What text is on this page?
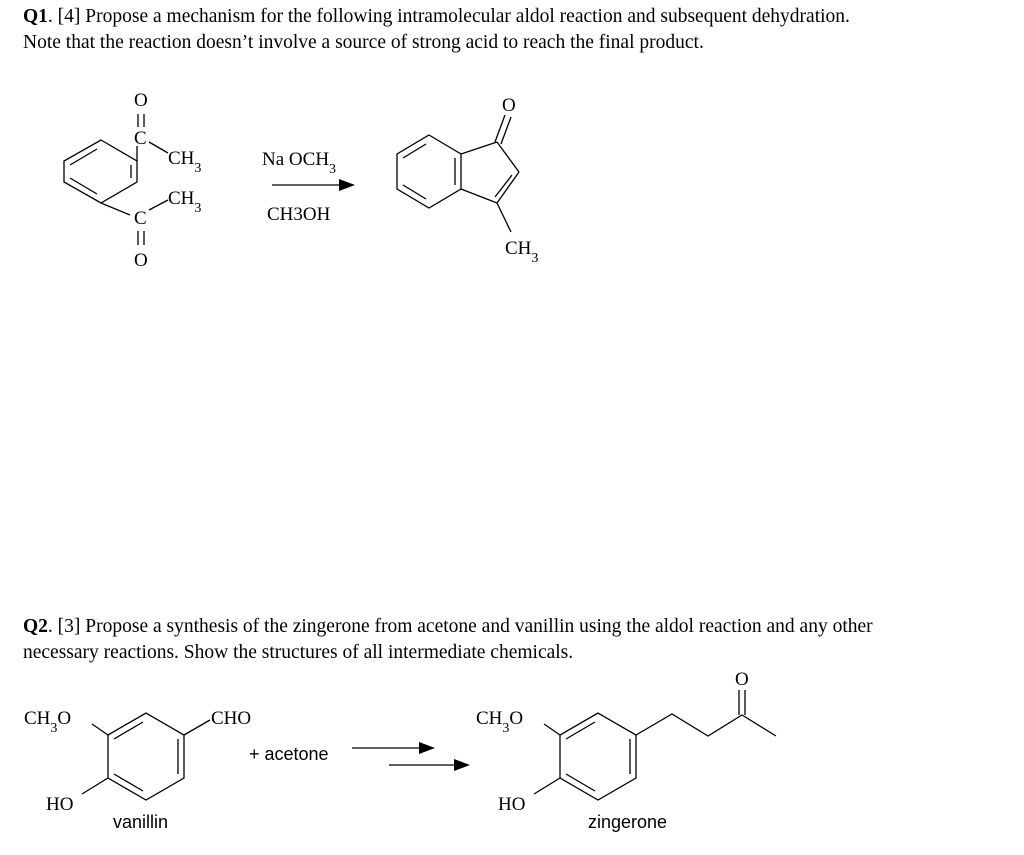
Q1. [4] Propose a mechanism for the following intramolecular aldol reaction and subsequent dehydration.
Note that the reaction doesn’t involve a source of strong acid to reach the final product.
Q2. [3] Propose a synthesis of the zingerone from acetone and vanillin using the aldol reaction and any other
necessary reactions. Show the structures of all intermediate chemicals.
O
C
$CH_3$
$CH_3$
C
O
Na $OCH_3$
CH3OH
O
$CH_3$
$CH_3O$	CHO
HO
vanillin
+ acetone
$CH_3O$
HO
O
zingerone
